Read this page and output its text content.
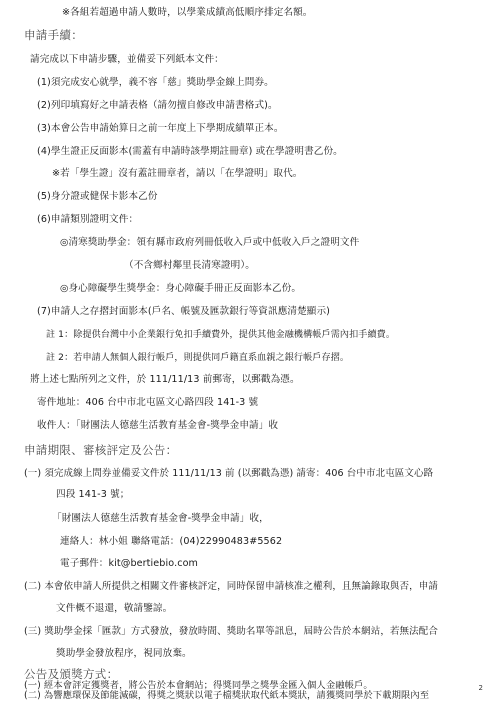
※各組若超過申請人數時，以學業成績高低順序排定名額。
申請手續：
請完成以下申請步驟，並備妥下列紙本文件：
(1)須完成安心就學，義不容「慈」獎助學金線上問券。
(2)列印填寫好之申請表格（請勿擅自修改申請書格式)。
(3)本會公告申請始算日之前一年度上下學期成績單正本。
(4)學生證正反面影本(需蓋有申請時該學期註冊章) 或在學證明書乙份。
※若「學生證」沒有蓋註冊章者，請以「在學證明」取代。
(5)身分證或健保卡影本乙份
(6)申請類別證明文件：
◎清寒獎助學金：領有縣市政府列冊低收入戶或中低收入戶之證明文件
（不含鄉村鄰里長清寒證明）。
◎身心障礙學生獎學金：身心障礙手冊正反面影本乙份。
(7)申請人之存摺封面影本(戶名、帳號及匯款銀行等資訊應清楚顯示)
註 1：除提供台灣中小企業銀行免扣手續費外，提供其他金融機構帳戶需內扣手續費。
註 2：若申請人無個人銀行帳戶，則提供同戶籍直系血親之銀行帳戶存摺。
將上述七點所列之文件，於 111/11/13 前郵寄，以郵戳為憑。
寄件地址：406 台中市北屯區文心路四段 141-3 號
收件人：「財團法人德慈生活教育基金會-獎學金申請」收
申請期限、審核評定及公告：
(一) 須完成線上問券並備妥文件於 111/11/13 前 (以郵戳為憑) 請寄：406 台中市北屯區文心路
四段 141-3 號；
「財團法人德慈生活教育基金會-獎學金申請」收，
連絡人：林小姐 聯絡電話：(04)22990483#5562
電子郵件：kit@bertiebio.com
(二) 本會依申請人所提供之相關文件審核評定，同時保留申請核准之權利，且無論錄取與否，申請
文件概不退還，敬請鑒諒。
(三) 獎助學金採「匯款」方式發放，發放時間、獎助名單等訊息，屆時公告於本網站，若無法配合
獎助學金發放程序，視同放棄。
公告及頒獎方式：
(一) 經本會評定獲獎者，將公告於本會網站；得獎同學之獎學金匯入個人金融帳戶。
(二) 為響應環保及節能減碳，得獎之獎狀以電子檔獎狀取代紙本獎狀，請獲獎同學於下載期限內至
2
